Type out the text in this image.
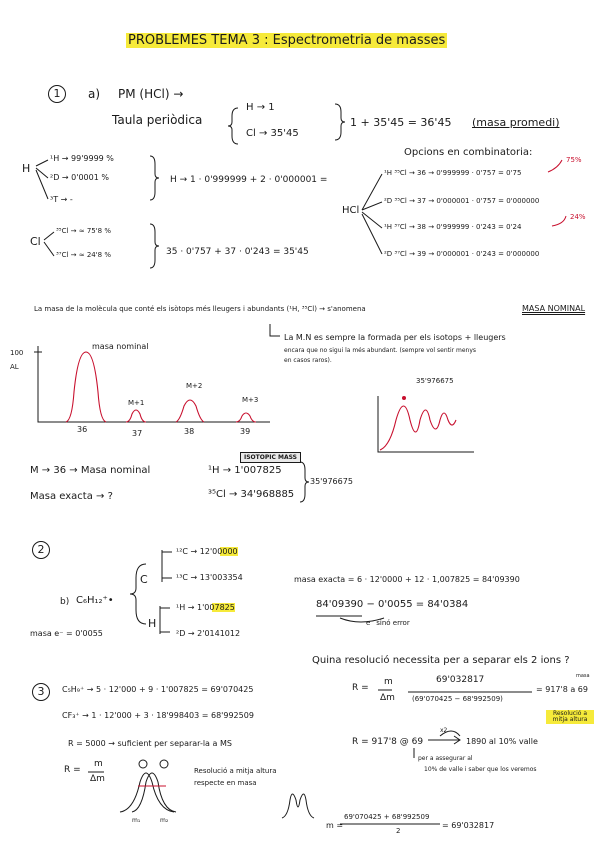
PROBLEMES TEMA 3 : Espectrometria de masses
1	a) PM (HCl) →
Taula periòdica
H → 1
Cl → 35'45
1 + 35'45 = 36'45 (masa promedi)
Opcions en combinatoria:
H
¹H → 99'9999 %
²D → 0'0001 %
³T → -
H → 1 · 0'999999 + 2 · 0'000001 =
Cl
³⁵Cl → ≈ 75'8 %
³⁷Cl → ≈ 24'8 %	35 · 0'757 + 37 · 0'243 = 35'45
HCl
¹H ³⁵Cl → 36 → 0'999999 · 0'757 = 0'75
²D ³⁵Cl → 37 → 0'000001 · 0'757 = 0'000000
¹H ³⁷Cl → 38 → 0'999999 · 0'243 = 0'24
²D ³⁷Cl → 39 → 0'000001 · 0'243 = 0'000000
75%
24%
La masa de la molècula que conté els isòtops més lleugers i abundants (¹H, ³⁵Cl) → s'anomena	MASA NOMINAL
La M.N es sempre la formada per els isotops + lleugers
encara que no sigui la més abundant. (sempre vol sentir menys
en casos raros).
100
AL
masa nominal
M+1
M+2
M+3
36	37	38	39
35'976675
M → 36 → Masa nominal
Masa exacta → ?
ISOTOPIC MASS
¹H → 1'007825
³⁵Cl → 34'968885
35'976675
2
b) C₆H₁₂⁺•
C
¹²C → 12'00000
¹³C → 13'003354
H
¹H → 1'007825
²D → 2'0141012
masa exacta = 6 · 12'0000 + 12 · 1,007825 = 84'09390
84'09390 − 0'0055 = 84'0384
e⁻ sinó error
masa e⁻ = 0'0055
Quina resolució necessita per a separar els 2 ions ?
3	C₅H₉⁺ → 5 · 12'000 + 9 · 1'007825 = 69'070425
CF₃⁺ → 1 · 12'000 + 3 · 18'998403 = 68'992509
R = 5000 → suficient per separar-la a MS
R =
m
Δm
69'032817
(69'070425 − 68'992509)
= 917'8 a 69
masa
Resolució a mitja altura
R = 917'8 @ 69
x2
1890 al 10% valle
per a assegurar al
10% de valle i saber que los veremos
R =
m
Δm
Resolució a mitja altura
respecte en masa
m₁	m₂
m =
69'070425 + 68'992509
2
= 69'032817
